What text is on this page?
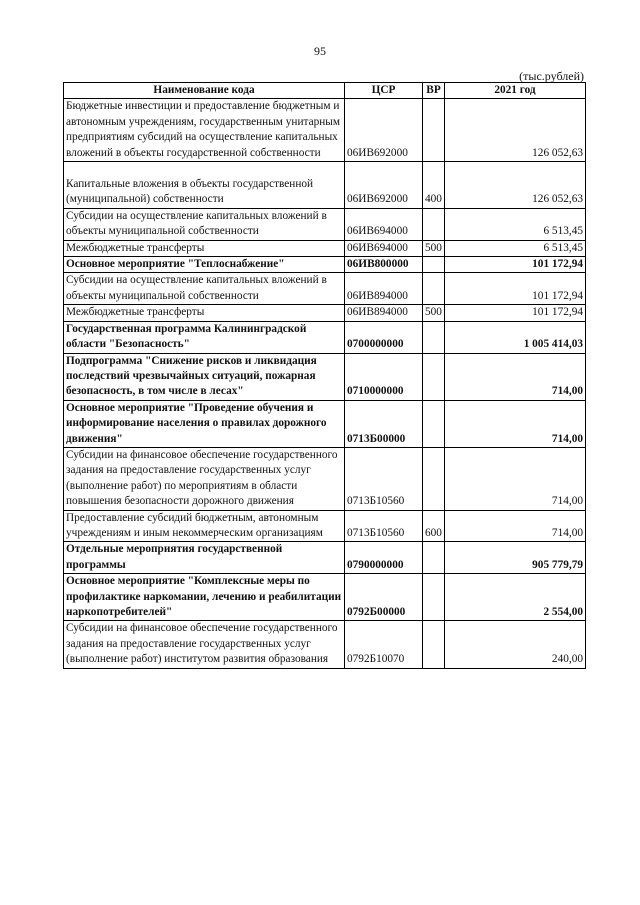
95
(тыс.рублей)
Наименование кода	ЦСР	ВР	2021 год
Бюджетные инвестиции и предоставление бюджетным и автономным учреждениям, государственным унитарным предприятиям субсидий на осуществление капитальных вложений в объекты государственной собственности	06ИВ692000		126 052,63

Капитальные вложения в объекты государственной (муниципальной) собственности	06ИВ692000	400	126 052,63
Субсидии на осуществление капитальных вложений в объекты муниципальной собственности	06ИВ694000		6 513,45
Межбюджетные трансферты	06ИВ694000	500	6 513,45
Основное мероприятие "Теплоснабжение"	06ИВ800000		101 172,94
Субсидии на осуществление капитальных вложений в объекты муниципальной собственности	06ИВ894000		101 172,94
Межбюджетные трансферты	06ИВ894000	500	101 172,94
Государственная программа Калининградской области "Безопасность"	0700000000		1 005 414,03
Подпрограмма "Снижение рисков и ликвидация последствий чрезвычайных ситуаций, пожарная безопасность, в том числе в лесах"	0710000000		714,00
Основное мероприятие "Проведение обучения и информирование населения о правилах дорожного движения"	0713Б00000		714,00
Субсидии на финансовое обеспечение государственного задания на предоставление государственных услуг (выполнение работ) по мероприятиям в области повышения безопасности дорожного движения	0713Б10560		714,00
Предоставление субсидий бюджетным, автономным учреждениям и иным некоммерческим организациям	0713Б10560	600	714,00
Отдельные мероприятия государственной программы	0790000000		905 779,79
Основное мероприятие "Комплексные меры по профилактике наркомании, лечению и реабилитации наркопотребителей"	0792Б00000		2 554,00
Субсидии на финансовое обеспечение государственного задания на предоставление государственных услуг (выполнение работ) институтом развития образования	0792Б10070		240,00
